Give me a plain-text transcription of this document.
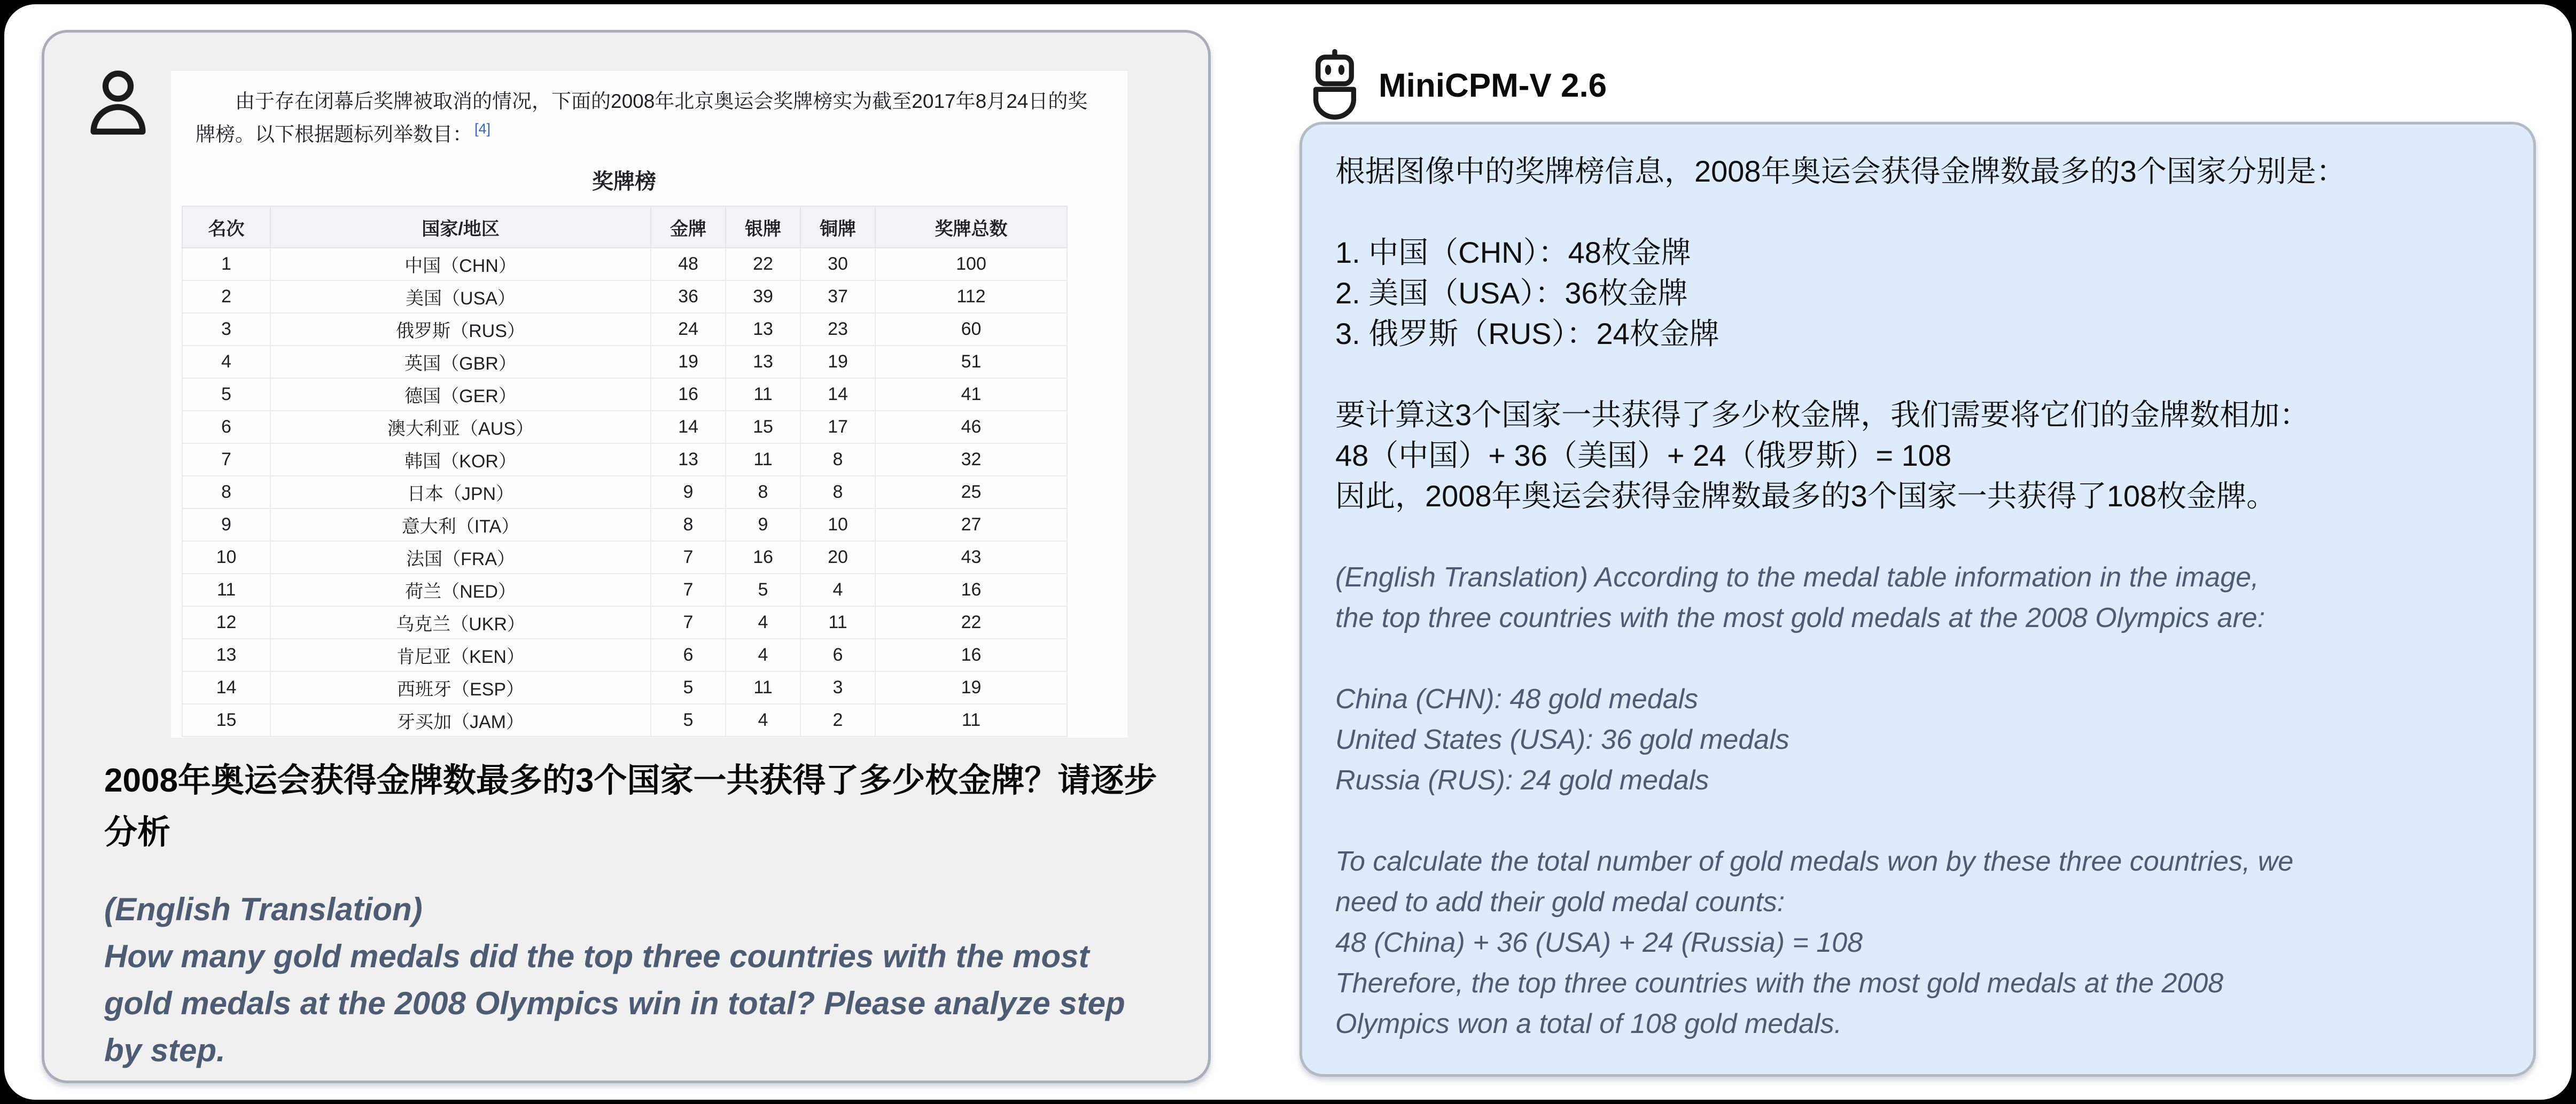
由于存在闭幕后奖牌被取消的情况，下面的2008年北京奥运会奖牌榜实为截至2017年8月24日的奖牌榜。以下根据题标列举数目： [4]

奖牌榜
名次	国家/地区	金牌	银牌	铜牌	奖牌总数
1	中国（CHN）	48	22	30	100
2	美国（USA）	36	39	37	112
3	俄罗斯（RUS）	24	13	23	60
4	英国（GBR）	19	13	19	51
5	德国（GER）	16	11	14	41
6	澳大利亚（AUS）	14	15	17	46
7	韩国（KOR）	13	11	8	32
8	日本（JPN）	9	8	8	25
9	意大利（ITA）	8	9	10	27
10	法国（FRA）	7	16	20	43
11	荷兰（NED）	7	5	4	16
12	乌克兰（UKR）	7	4	11	22
13	肯尼亚（KEN）	6	4	6	16
14	西班牙（ESP）	5	11	3	19
15	牙买加（JAM）	5	4	2	11
2008年奥运会获得金牌数最多的3个国家一共获得了多少枚金牌？请逐步分析
(English Translation)
How many gold medals did the top three countries with the most gold medals at the 2008 Olympics win in total? Please analyze step by step.
MiniCPM-V 2.6
根据图像中的奖牌榜信息，2008年奥运会获得金牌数最多的3个国家分别是：

1. 中国（CHN）：48枚金牌
2. 美国（USA）：36枚金牌
3. 俄罗斯（RUS）：24枚金牌

要计算这3个国家一共获得了多少枚金牌，我们需要将它们的金牌数相加：
48（中国）+ 36（美国）+ 24（俄罗斯）= 108
因此，2008年奥运会获得金牌数最多的3个国家一共获得了108枚金牌。

(English Translation) According to the medal table information in the image,
the top three countries with the most gold medals at the 2008 Olympics are:

China (CHN): 48 gold medals
United States (USA): 36 gold medals
Russia (RUS): 24 gold medals

To calculate the total number of gold medals won by these three countries, we
need to add their gold medal counts:
48 (China) + 36 (USA) + 24 (Russia) = 108
Therefore, the top three countries with the most gold medals at the 2008
Olympics won a total of 108 gold medals.
